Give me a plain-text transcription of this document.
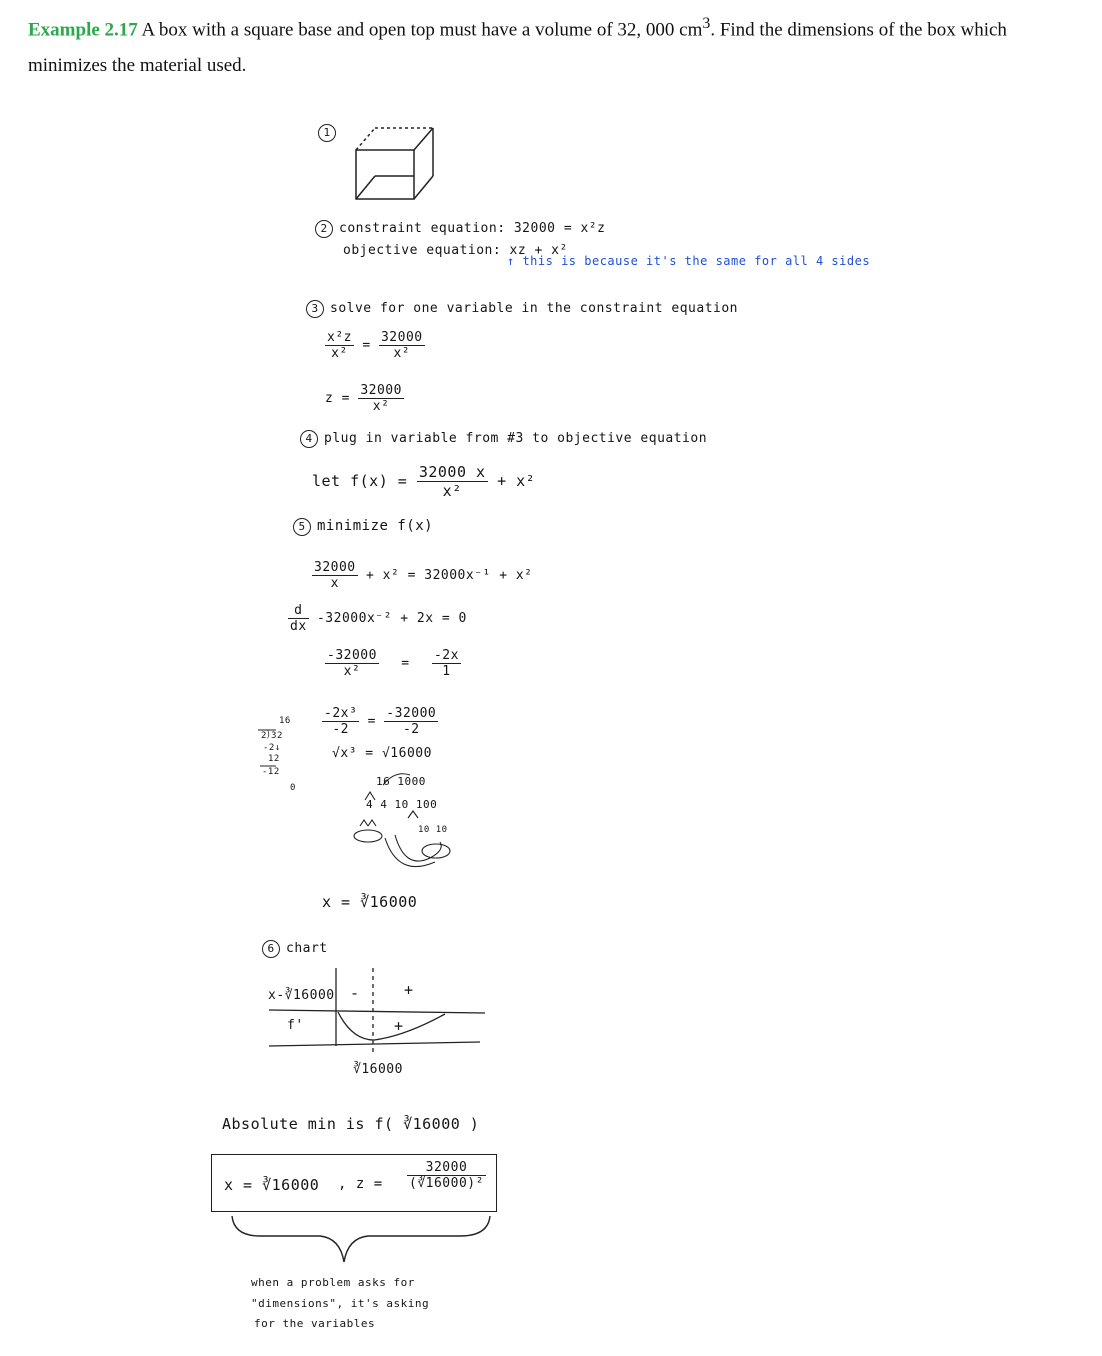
Example 2.17 A box with a square base and open top must have a volume of 32, 000 $cm^3$. Find the dimensions of the box which minimizes the material used.
1
2 constraint equation: 32000 = x²z
objective equation: xz + x²
↑ this is because it's the same for all 4 sides
3 solve for one variable in the constraint equation
$\frac{\text{x²z}}{\text{x²}} = \frac{32000}{\text{x²}}$
$z = \frac{32000}{\text{x²}}$
4 plug in variable from #3 to objective equation
let $f(x) = \frac{32000 x}{\text{x²}} + x^2$
5 minimize f(x)
$\frac{32000}{x} + x^2 = 32000x^{-1} + x^2$
$\frac{d}{dx} -32000x^{-2} + 2x = 0$
$\frac{-32000}{\text{x²}} = \frac{-2x}{1}$
$\frac{\text{-2x³}}{-2} = \frac{-32000}{-2}$
√x³ = √16000
16 1000
4 4 10 100
10 10
16
2⟌32
-2↓
12
-12
0
x = ∛16000
6 chart
x-∛16000
f'
-	+
+
∛16000
Absolute min is f( ∛16000 )
x = ∛16000 , $z = \frac{32000}{\text{(∛16000)²}}$
when a problem asks for
"dimensions", it's asking
for the variables
